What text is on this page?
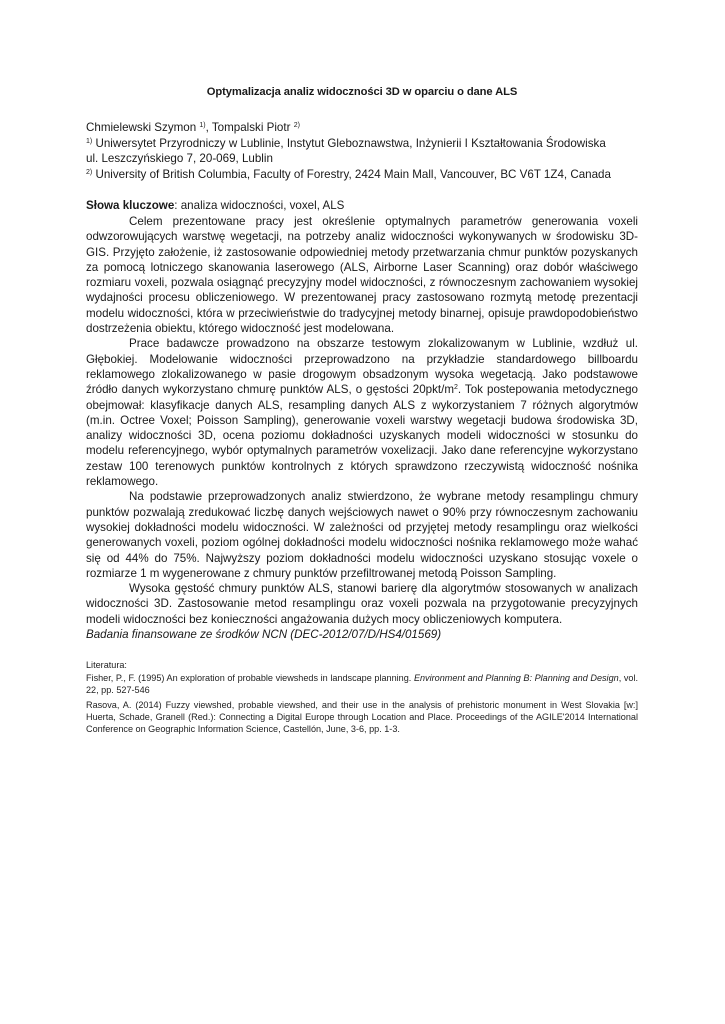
Optymalizacja analiz widoczności 3D w oparciu o dane ALS

Chmielewski Szymon $^{1)}$, Tompalski Piotr $^{2)}$

$^{1)}$ Uniwersytet Przyrodniczy w Lublinie, Instytut Gleboznawstwa, Inżynierii I Kształtowania Środowiska

ul. Leszczyńskiego 7, 20-069, Lublin

$^{2)}$ University of British Columbia, Faculty of Forestry, 2424 Main Mall, Vancouver, BC V6T 1Z4, Canada

Słowa kluczowe: analiza widoczności, voxel, ALS

Celem prezentowane pracy jest określenie optymalnych parametrów generowania voxeli odwzorowujących warstwę wegetacji, na potrzeby analiz widoczności wykonywanych w środowisku 3D-GIS. Przyjęto założenie, iż zastosowanie odpowiedniej metody przetwarzania chmur punktów pozyskanych za pomocą lotniczego skanowania laserowego (ALS, Airborne Laser Scanning) oraz dobór właściwego rozmiaru voxeli, pozwala osiągnąć precyzyjny model widoczności, z równoczesnym zachowaniem wysokiej wydajności procesu obliczeniowego. W prezentowanej pracy zastosowano rozmytą metodę prezentacji modelu widoczności, która w przeciwieństwie do tradycyjnej metody binarnej, opisuje prawdopodobieństwo dostrzeżenia obiektu, którego widoczność jest modelowana.

Prace badawcze prowadzono na obszarze testowym zlokalizowanym w Lublinie, wzdłuż ul. Głębokiej. Modelowanie widoczności przeprowadzono na przykładzie standardowego billboardu reklamowego zlokalizowanego w pasie drogowym obsadzonym wysoka wegetacją. Jako podstawowe źródło danych wykorzystano chmurę punktów ALS, o gęstości $20pkt/m^2$. Tok postepowania metodycznego obejmował: klasyfikacje danych ALS, resampling danych ALS z wykorzystaniem 7 różnych algorytmów (m.in. Octree Voxel; Poisson Sampling), generowanie voxeli warstwy wegetacji budowa środowiska 3D, analizy widoczności 3D, ocena poziomu dokładności uzyskanych modeli widoczności w stosunku do modelu referencyjnego, wybór optymalnych parametrów voxelizacji. Jako dane referencyjne wykorzystano zestaw 100 terenowych punktów kontrolnych z których sprawdzono rzeczywistą widoczność nośnika reklamowego.

Na podstawie przeprowadzonych analiz stwierdzono, że wybrane metody resamplingu chmury punktów pozwalają zredukować liczbę danych wejściowych nawet o 90% przy równoczesnym zachowaniu wysokiej dokładności modelu widoczności. W zależności od przyjętej metody resamplingu oraz wielkości generowanych voxeli, poziom ogólnej dokładności modelu widoczności nośnika reklamowego może wahać się od 44% do 75%. Najwyższy poziom dokładności modelu widoczności uzyskano stosując voxele o rozmiarze 1 m wygenerowane z chmury punktów przefiltrowanej metodą Poisson Sampling.

Wysoka gęstość chmury punktów ALS, stanowi barierę dla algorytmów stosowanych w analizach widoczności 3D. Zastosowanie metod resamplingu oraz voxeli pozwala na przygotowanie precyzyjnych modeli widoczności bez konieczności angażowania dużych mocy obliczeniowych komputera.

Badania finansowane ze środków NCN (DEC-2012/07/D/HS4/01569)

Literatura:

Fisher, P., F. (1995) An exploration of probable viewsheds in landscape planning. Environment and Planning B: Planning and Design, vol. 22, pp. 527-546

Rasova, A. (2014) Fuzzy viewshed, probable viewshed, and their use in the analysis of prehistoric monument in West Slovakia [w:] Huerta, Schade, Granell (Red.): Connecting a Digital Europe through Location and Place. Proceedings of the AGILE'2014 International Conference on Geographic Information Science, Castellón, June, 3-6, pp. 1-3.
